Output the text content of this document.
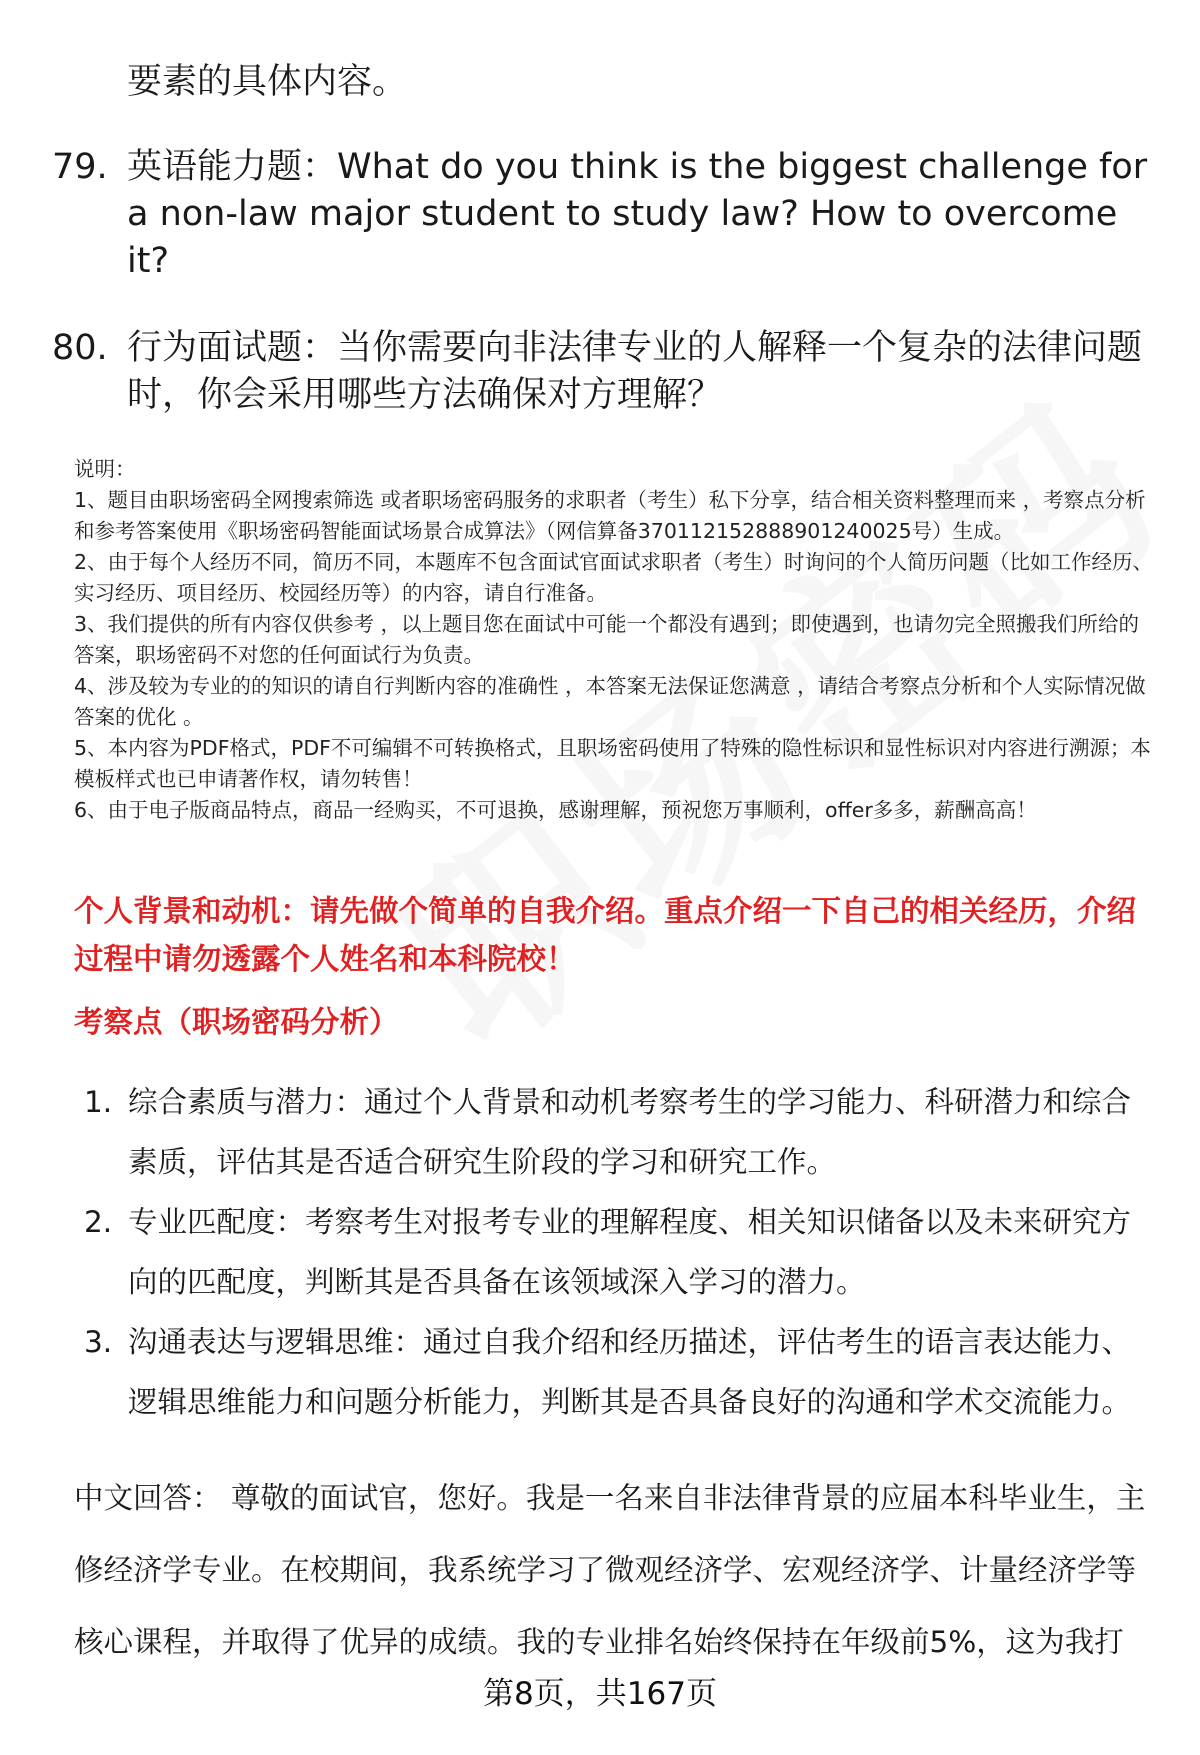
要素的具体内容。

79. 英语能力题：What do you think is the biggest challenge for a non-law major student to study law? How to overcome it?
80. 行为面试题：当你需要向非法律专业的人解释一个复杂的法律问题时，你会采用哪些方法确保对方理解？

说明：

1、题目由职场密码全网搜索筛选 或者职场密码服务的求职者（考生）私下分享，结合相关资料整理而来 ，考察点分析和参考答案使用《职场密码智能面试场景合成算法》（网信算备370112152888901240025号）生成。

2、由于每个人经历不同，简历不同，本题库不包含面试官面试求职者（考生）时询问的个人简历问题（比如工作经历、实习经历、项目经历、校园经历等）的内容，请自行准备。

3、我们提供的所有内容仅供参考 ，以上题目您在面试中可能一个都没有遇到；即使遇到，也请勿完全照搬我们所给的答案，职场密码不对您的任何面试行为负责。

4、涉及较为专业的的知识的请自行判断内容的准确性 ，本答案无法保证您满意 ，请结合考察点分析和个人实际情况做答案的优化 。

5、本内容为PDF格式，PDF不可编辑不可转换格式，且职场密码使用了特殊的隐性标识和显性标识对内容进行溯源；本模板样式也已申请著作权，请勿转售！

6、由于电子版商品特点，商品一经购买，不可退换，感谢理解，预祝您万事顺利，offer多多，薪酬高高！

个人背景和动机：请先做个简单的自我介绍。重点介绍一下自己的相关经历，介绍过程中请勿透露个人姓名和本科院校！

考察点（职场密码分析）

1. 综合素质与潜力：通过个人背景和动机考察考生的学习能力、科研潜力和综合素质，评估其是否适合研究生阶段的学习和研究工作。
2. 专业匹配度：考察考生对报考专业的理解程度、相关知识储备以及未来研究方向的匹配度，判断其是否具备在该领域深入学习的潜力。
3. 沟通表达与逻辑思维：通过自我介绍和经历描述，评估考生的语言表达能力、逻辑思维能力和问题分析能力，判断其是否具备良好的沟通和学术交流能力。

中文回答： 尊敬的面试官，您好。我是一名来自非法律背景的应届本科毕业生，主修经济学专业。在校期间，我系统学习了微观经济学、宏观经济学、计量经济学等核心课程，并取得了优异的成绩。我的专业排名始终保持在年级前5%，这为我打

第8页，共167页
